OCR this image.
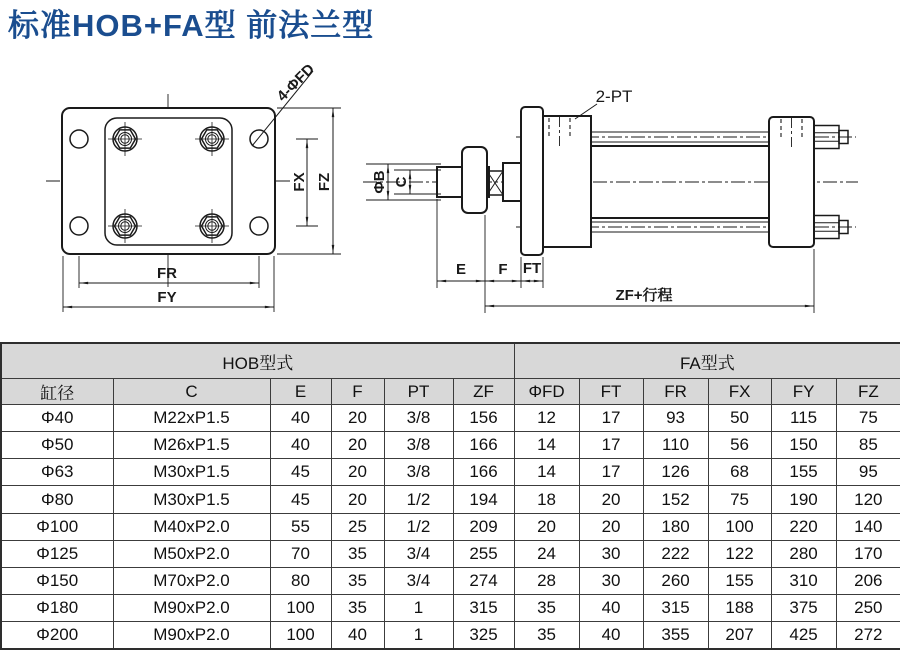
标准HOB+FA型 前法兰型
4-ΦFD
FX FZ
FR
FY
2-PT
ΦB C
E F FT
ZF+行程
HOB型式						FA型式					
缸径	C	E	F	PT	ZF	ΦFD	FT	FR	FX	FY	FZ
Φ40	M22xP1.5	40	20	3/8	156	12	17	93	50	115	75
Φ50	M26xP1.5	40	20	3/8	166	14	17	110	56	150	85
Φ63	M30xP1.5	45	20	3/8	166	14	17	126	68	155	95
Φ80	M30xP1.5	45	20	1/2	194	18	20	152	75	190	120
Φ100	M40xP2.0	55	25	1/2	209	20	20	180	100	220	140
Φ125	M50xP2.0	70	35	3/4	255	24	30	222	122	280	170
Φ150	M70xP2.0	80	35	3/4	274	28	30	260	155	310	206
Φ180	M90xP2.0	100	35	1	315	35	40	315	188	375	250
Φ200	M90xP2.0	100	40	1	325	35	40	355	207	425	272
